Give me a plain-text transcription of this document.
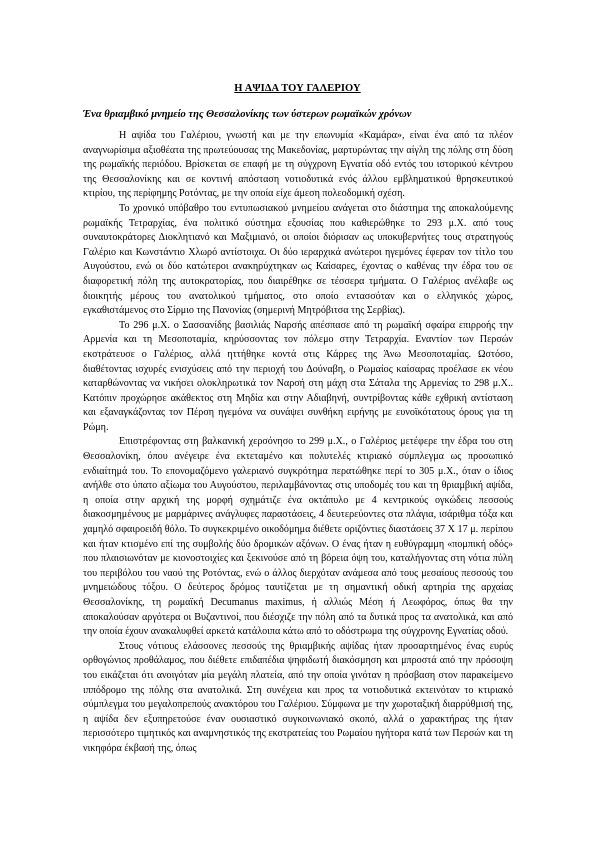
Η ΑΨΙΔΑ ΤΟΥ ΓΑΛΕΡΙΟΥ
Ένα θριαμβικό μνημείο της Θεσσαλονίκης των ύστερων ρωμαϊκών χρόνων

Η αψίδα του Γαλέριου, γνωστή και με την επωνυμία «Καμάρα», είναι ένα από τα πλέον αναγνωρίσιμα αξιοθέατα της πρωτεύουσας της Μακεδονίας, μαρτυρώντας την αίγλη της πόλης στη δύση της ρωμαϊκής περιόδου. Βρίσκεται σε επαφή με τη σύγχρονη Εγνατία οδό εντός του ιστορικού κέντρου της Θεσσαλονίκης και σε κοντινή απόσταση νοτιοδυτικά ενός άλλου εμβληματικού θρησκευτικού κτιρίου, της περίφημης Ροτόντας, με την οποία είχε άμεση πολεοδομική σχέση.

Το χρονικό υπόβαθρο του εντυπωσιακού μνημείου ανάγεται στο διάστημα της αποκαλούμενης ρωμαϊκής Τετραρχίας, ένα πολιτικό σύστημα εξουσίας που καθιερώθηκε το 293 μ.Χ. από τους συναυτοκράτορες Διοκλητιανό και Μαξιμιανό, οι οποίοι διόρισαν ως υποκυβερνήτες τους στρατηγούς Γαλέριο και Κωνστάντιο Χλωρό αντίστοιχα. Οι δύο ιεραρχικά ανώτεροι ηγεμόνες έφεραν τον τίτλο του Αυγούστου, ενώ οι δύο κατώτεροι ανακηρύχτηκαν ως Καίσαρες, έχοντας ο καθένας την έδρα του σε διαφορετική πόλη της αυτοκρατορίας, που διαιρέθηκε σε τέσσερα τμήματα. Ο Γαλέριος ανέλαβε ως διοικητής μέρους του ανατολικού τμήματος, στο οποίο εντασσόταν και ο ελληνικός χώρος, εγκαθιστάμενος στο Σίρμιο της Πανονίας (σημερινή Μητρόβιτσα της Σερβίας).

Το 296 μ.Χ. ο Σασσανίδης βασιλιάς Ναρσής απέσπασε από τη ρωμαϊκή σφαίρα επιρροής την Αρμενία και τη Μεσοποταμία, κηρύσσοντας τον πόλεμο στην Τετραρχία. Εναντίον των Περσών εκστράτευσε ο Γαλέριος, αλλά ηττήθηκε κοντά στις Κάρρες της Άνω Μεσοποταμίας. Ωστόσο, διαθέτοντας ισχυρές ενισχύσεις από την περιοχή του Δούναβη, ο Ρωμαίος καίσαρας προέλασε εκ νέου καταρθώνοντας να νικήσει ολοκληρωτικά τον Ναρσή στη μάχη στα Σάταλα της Αρμενίας το 298 μ.Χ.. Κατόπιν προχώρησε ακάθεκτος στη Μηδία και στην Αδιαβηνή, συντρίβοντας κάθε εχθρική αντίσταση και εξαναγκάζοντας τον Πέρση ηγεμόνα να συνάψει συνθήκη ειρήνης με ευνοϊκότατους όρους για τη Ρώμη.

Επιστρέφοντας στη βαλκανική χερσόνησο το 299 μ.Χ., ο Γαλέριος μετέφερε την έδρα του στη Θεσσαλονίκη, όπου ανέγειρε ένα εκτεταμένο και πολυτελές κτιριακό σύμπλεγμα ως προσωπικό ενδιαίτημά του. Το επονομαζόμενο γαλεριανό συγκρότημα περατώθηκε περί το 305 μ.Χ., όταν ο ίδιος ανήλθε στο ύπατο αξίωμα του Αυγούστου, περιλαμβάνοντας στις υποδομές του και τη θριαμβική αψίδα, η οποία στην αρχική της μορφή σχημάτιζε ένα οκτάπυλο με 4 κεντρικούς ογκώδεις πεσσούς διακοσμημένους με μαρμάρινες ανάγλυφες παραστάσεις, 4 δευτερεύοντες στα πλάγια, ισάριθμα τόξα και χαμηλό σφαιροειδή θόλο. Το συγκεκριμένο οικοδόμημα διέθετε οριζόντιες διαστάσεις 37 Χ 17 μ. περίπου και ήταν κτισμένο επί της συμβολής δύο δρομικών αξόνων. Ο ένας ήταν η ευθύγραμμη «πομπική οδός» που πλαισιωνόταν με κιονοστοιχίες και ξεκινούσε από τη βόρεια όψη του, καταλήγοντας στη νότια πύλη του περιβόλου του ναού της Ροτόντας, ενώ ο άλλος διερχόταν ανάμεσα από τους μεσαίους πεσσούς του μνημειώδους τόξου. Ο δεύτερος δρόμος ταυτίζεται με τη σημαντική οδική αρτηρία της αρχαίας Θεσσαλονίκης, τη ρωμαϊκή Decumanus maximus, ή αλλιώς Μέση ή Λεωφόρος, όπως θα την αποκαλούσαν αργότερα οι Βυζαντινοί, που διέσχιζε την πόλη από τα δυτικά προς τα ανατολικά, και από την οποία έχουν ανακαλυφθεί αρκετά κατάλοιπα κάτω από το οδόστρωμα της σύγχρονης Εγνατίας οδού.

Στους νότιους ελάσσονες πεσσούς της θριαμβικής αψίδας ήταν προσαρτημένος ένας ευρύς ορθογώνιος προθάλαμος, που διέθετε επιδαπέδια ψηφιδωτή διακόσμηση και μπροστά από την πρόσοψη του εικάζεται ότι ανοιγόταν μία μεγάλη πλατεία, από την οποία γινόταν η πρόσβαση στον παρακείμενο ιππόδρομο της πόλης στα ανατολικά. Στη συνέχεια και προς τα νοτιοδυτικά εκτεινόταν το κτιριακό σύμπλεγμα του μεγαλοπρεπούς ανακτόρου του Γαλέριου. Σύμφωνα με την χωροταξική διαρρύθμισή της, η αψίδα δεν εξυπηρετούσε έναν ουσιαστικό συγκοινωνιακό σκοπό, αλλά ο χαρακτήρας της ήταν περισσότερο τιμητικός και αναμνηστικός της εκστρατείας του Ρωμαίου ηγήτορα κατά των Περσών και τη νικηφόρα έκβασή της, όπως
